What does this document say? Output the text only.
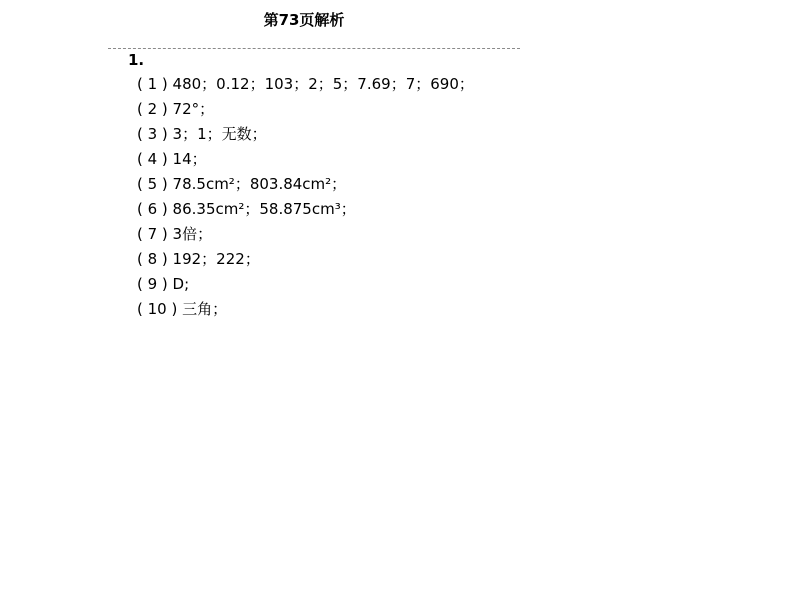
第73页解析
1.
( 1 ) 480；0.12；103；2；5；7.69；7；690；
( 2 ) 72°；
( 3 ) 3；1；无数；
( 4 ) 14；
( 5 ) 78.5cm²；803.84cm²；
( 6 ) 86.35cm²；58.875cm³；
( 7 ) 3倍；
( 8 ) 192；222；
( 9 ) D;
( 10 ) 三角；
